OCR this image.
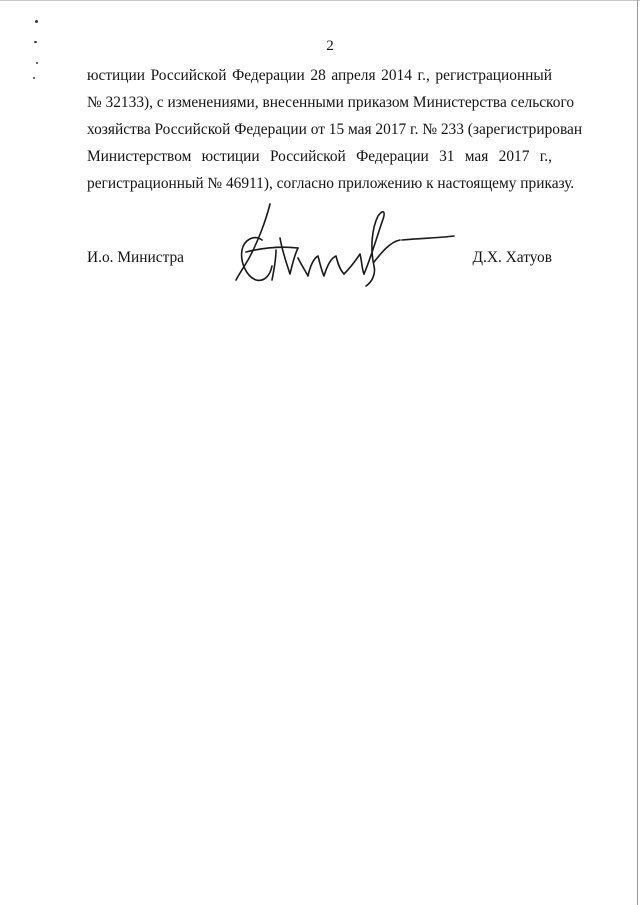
2
юстиции Российской Федерации 28 апреля 2014 г., регистрационный
№ 32133), с изменениями, внесенными приказом Министерства сельского
хозяйства Российской Федерации от 15 мая 2017 г. № 233 (зарегистрирован
Министерством юстиции Российской Федерации 31 мая 2017 г.,
регистрационный № 46911), согласно приложению к настоящему приказу.
И.о. Министра	Д.Х. Хатуов
